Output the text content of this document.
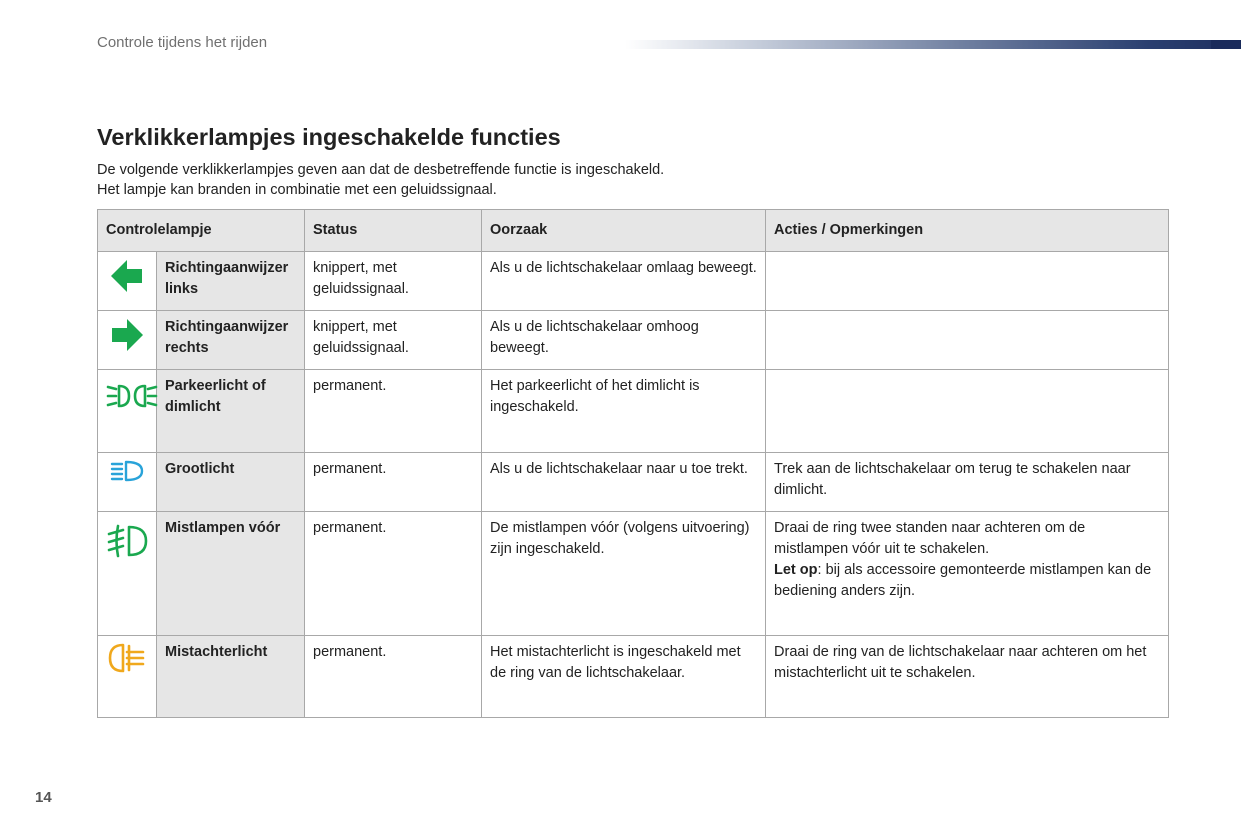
Controle tijdens het rijden
Verklikkerlampjes ingeschakelde functies
De volgende verklikkerlampjes geven aan dat de desbetreffende functie is ingeschakeld.
Het lampje kan branden in combinatie met een geluidssignaal.
Controlelampje		Status	Oorzaak	Acties / Opmerkingen

	Richtingaanwijzer links	knippert, met geluidssignaal.	Als u de lichtschakelaar omlaag beweegt.	

	Richtingaanwijzer rechts	knippert, met geluidssignaal.	Als u de lichtschakelaar omhoog beweegt.	

	Parkeerlicht of dimlicht	permanent.	Het parkeerlicht of het dimlicht is ingeschakeld.	

	Grootlicht	permanent.	Als u de lichtschakelaar naar u toe trekt.	Trek aan de lichtschakelaar om terug te schakelen naar dimlicht.

	Mistlampen vóór	permanent.	De mistlampen vóór (volgens uitvoering) zijn ingeschakeld.	Draai de ring twee standen naar achteren om de mistlampen vóór uit te schakelen.
Let op: bij als accessoire gemonteerde mistlampen kan de bediening anders zijn.

	Mistachterlicht	permanent.	Het mistachterlicht is ingeschakeld met de ring van de lichtschakelaar.	Draai de ring van de lichtschakelaar naar achteren om het mistachterlicht uit te schakelen.
14
